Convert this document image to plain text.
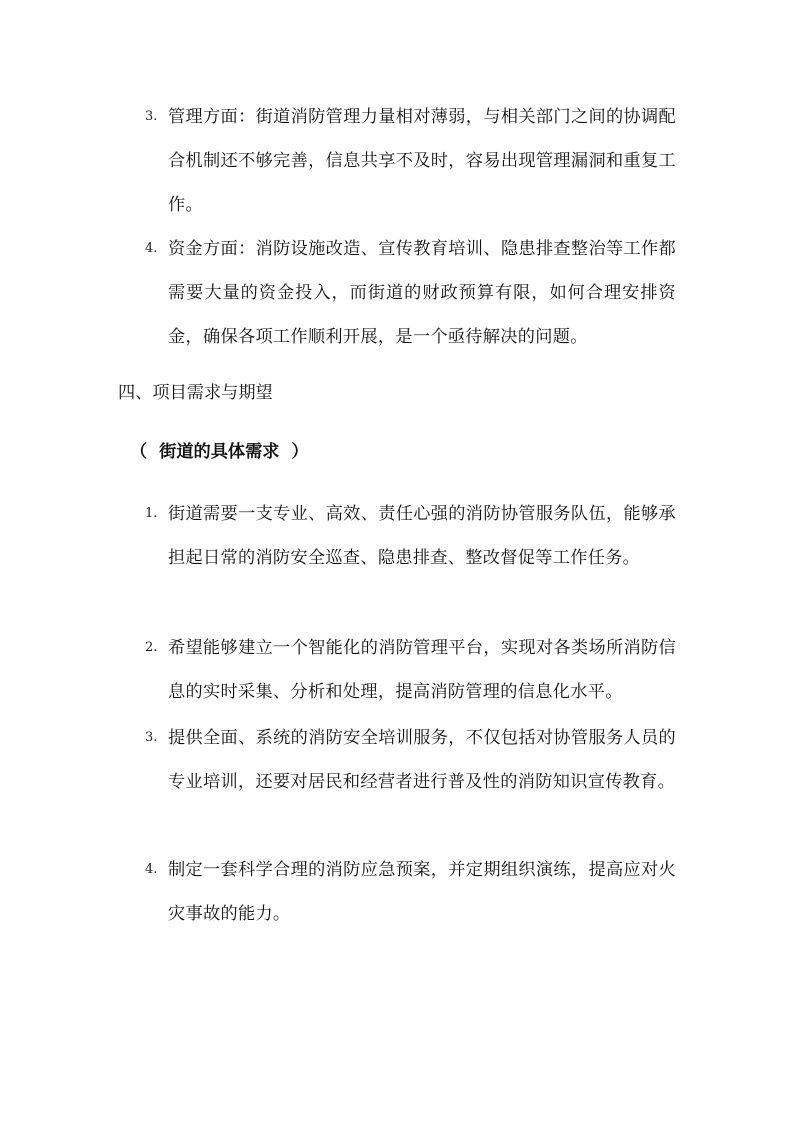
3. 管理方面：街道消防管理力量相对薄弱，与相关部门之间的协调配合机制还不够完善，信息共享不及时，容易出现管理漏洞和重复工作。
4. 资金方面：消防设施改造、宣传教育培训、隐患排查整治等工作都需要大量的资金投入，而街道的财政预算有限，如何合理安排资金，确保各项工作顺利开展，是一个亟待解决的问题。
四、项目需求与期望
（  街道的具体需求  ）
1. 街道需要一支专业、高效、责任心强的消防协管服务队伍，能够承担起日常的消防安全巡查、隐患排查、整改督促等工作任务。
2. 希望能够建立一个智能化的消防管理平台，实现对各类场所消防信息的实时采集、分析和处理，提高消防管理的信息化水平。
3. 提供全面、系统的消防安全培训服务，不仅包括对协管服务人员的专业培训，还要对居民和经营者进行普及性的消防知识宣传教育。
4. 制定一套科学合理的消防应急预案，并定期组织演练，提高应对火灾事故的能力。
